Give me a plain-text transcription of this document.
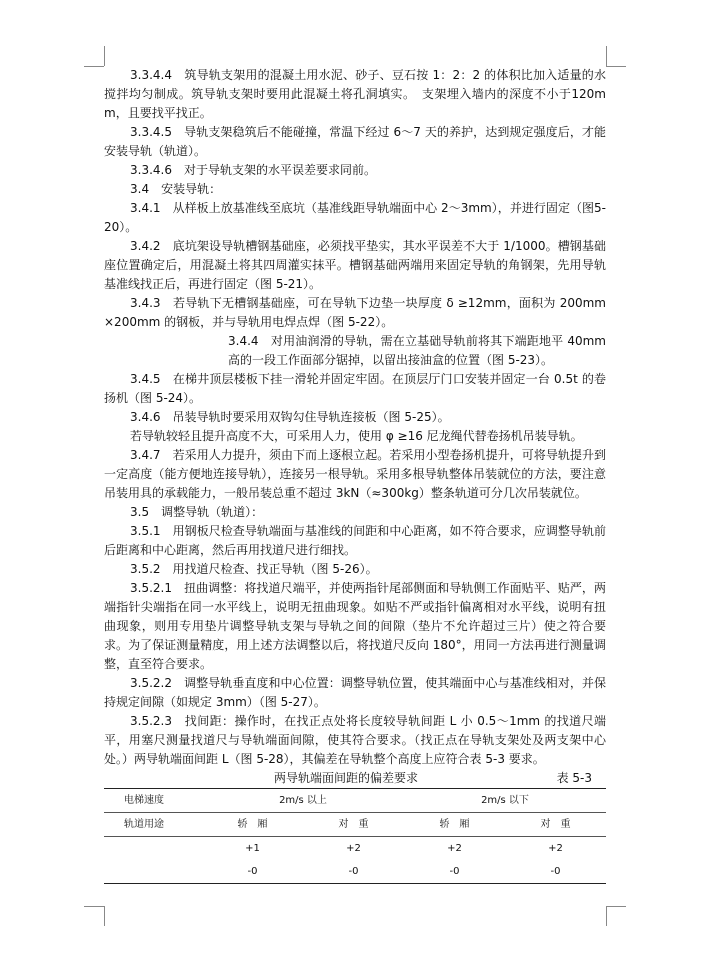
3.3.4.4　筑导轨支架用的混凝土用水泥、砂子、豆石按 1：2：2 的体积比加入适量的水搅拌均匀制成。筑导轨支架时要用此混凝土将孔洞填实。　支架埋入墙内的深度不小于120mm，且要找平找正。

3.3.4.5　导轨支架稳筑后不能碰撞，常温下经过 6～7 天的养护，达到规定强度后，才能安装导轨（轨道）。

3.3.4.6　对于导轨支架的水平误差要求同前。

3.4　安装导轨：

3.4.1　从样板上放基准线至底坑（基准线距导轨端面中心 2～3mm），并进行固定（图5-20）。

3.4.2　底坑架设导轨槽钢基础座，必须找平垫实，其水平误差不大于 1/1000。槽钢基础座位置确定后，用混凝土将其四周灌实抹平。槽钢基础两端用来固定导轨的角钢架，先用导轨基准线找正后，再进行固定（图 5-21）。

3.4.3　若导轨下无槽钢基础座，可在导轨下边垫一块厚度 δ ≥12mm，面积为 200mm×200mm 的钢板，并与导轨用电焊点焊（图 5-22）。

3.4.4　对用油润滑的导轨，需在立基础导轨前将其下端距地平 40mm高的一段工作面部分锯掉，以留出接油盒的位置（图 5-23）。

3.4.5　在梯井顶层楼板下挂一滑轮并固定牢固。在顶层厅门口安装并固定一台 0.5t 的卷扬机（图 5-24）。

3.4.6　吊装导轨时要采用双钩勾住导轨连接板（图 5-25）。

若导轨较轻且提升高度不大，可采用人力，使用 φ ≥16 尼龙绳代替卷扬机吊装导轨。

3.4.7　若采用人力提升，须由下而上逐根立起。若采用小型卷扬机提升，可将导轨提升到一定高度（能方便地连接导轨），连接另一根导轨。采用多根导轨整体吊装就位的方法，要注意吊装用具的承载能力，一般吊装总重不超过 3kN（≈300kg）整条轨道可分几次吊装就位。

3.5　调整导轨（轨道）：

3.5.1　用钢板尺检查导轨端面与基准线的间距和中心距离，如不符合要求，应调整导轨前后距离和中心距离，然后再用找道尺进行细找。

3.5.2　用找道尺检查、找正导轨（图 5-26）。

3.5.2.1　扭曲调整：将找道尺端平，并使两指针尾部侧面和导轨侧工作面贴平、贴严，两端指针尖端指在同一水平线上，说明无扭曲现象。如贴不严或指针偏离相对水平线，说明有扭曲现象，则用专用垫片调整导轨支架与导轨之间的间隙（垫片不允许超过三片）使之符合要求。为了保证测量精度，用上述方法调整以后，将找道尺反向 180°，用同一方法再进行测量调整，直至符合要求。

3.5.2.2　调整导轨垂直度和中心位置：调整导轨位置，使其端面中心与基准线相对，并保持规定间隙（如规定 3mm）（图 5-27）。

3.5.2.3　找间距：操作时，在找正点处将长度较导轨间距 L 小 0.5～1mm 的找道尺端平，用塞尺测量找道尺与导轨端面间隙，使其符合要求。（找正点在导轨支架处及两支架中心处。）两导轨端面间距 L（图 5-28），其偏差在导轨整个高度上应符合表 5-3 要求。

两导轨端面间距的偏差要求	表 5-3
电梯速度	2m/s 以上		2m/s 以下	
轨道用途	轿　厢	对　重	轿　厢	对　重
	+1	+2	+2	+2
	-0	-0	-0	-0
